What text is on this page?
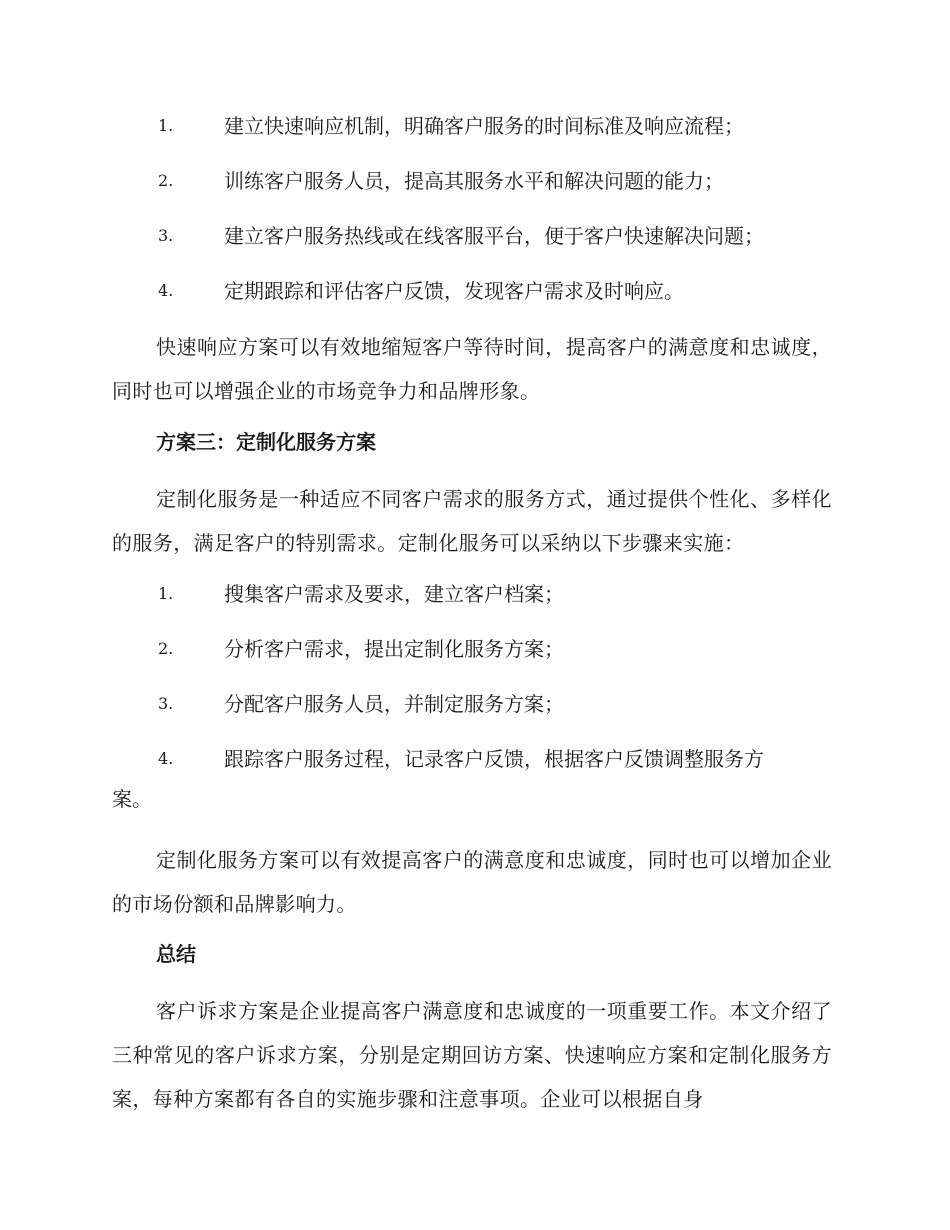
1.	建立快速响应机制，明确客户服务的时间标准及响应流程；
2.	训练客户服务人员，提高其服务水平和解决问题的能力；
3.	建立客户服务热线或在线客服平台，便于客户快速解决问题；
4.	定期跟踪和评估客户反馈，发现客户需求及时响应。
快速响应方案可以有效地缩短客户等待时间，提高客户的满意度和忠诚度，同时也可以增强企业的市场竞争力和品牌形象。
方案三：定制化服务方案
定制化服务是一种适应不同客户需求的服务方式，通过提供个性化、多样化的服务，满足客户的特别需求。定制化服务可以采纳以下步骤来实施：
1.	搜集客户需求及要求，建立客户档案；
2.	分析客户需求，提出定制化服务方案；
3.	分配客户服务人员，并制定服务方案；
4.	跟踪客户服务过程，记录客户反馈，根据客户反馈调整服务方
案。
定制化服务方案可以有效提高客户的满意度和忠诚度，同时也可以增加企业的市场份额和品牌影响力。
总结
客户诉求方案是企业提高客户满意度和忠诚度的一项重要工作。本文介绍了三种常见的客户诉求方案，分别是定期回访方案、快速响应方案和定制化服务方案，每种方案都有各自的实施步骤和注意事项。企业可以根据自身
